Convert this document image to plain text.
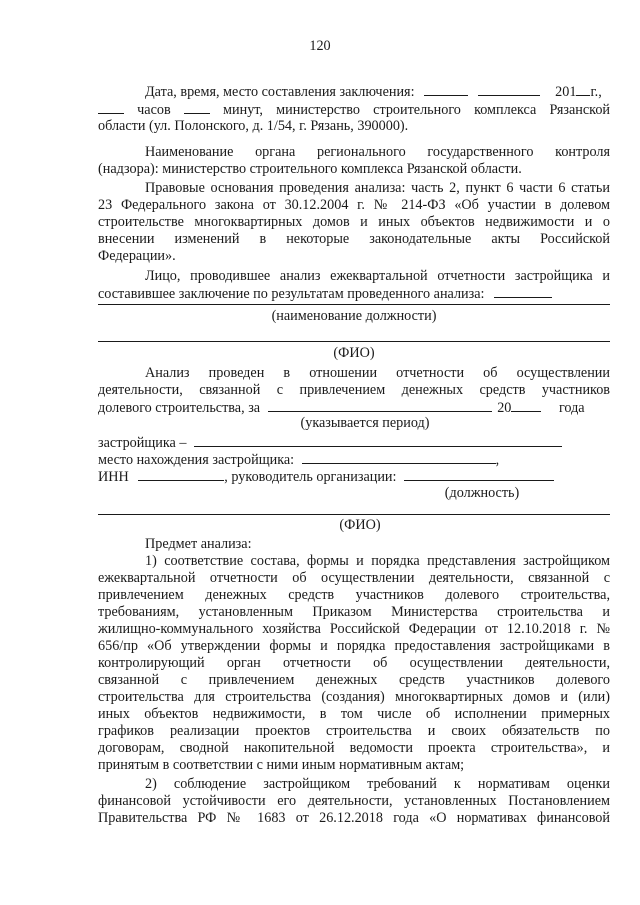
120
Дата, время, место составления заключения:	201 г.,
часов	минут, министерство строительного комплекса Рязанской
области (ул. Полонского, д. 1/54, г. Рязань, 390000).
Наименование органа регионального государственного контроля
(надзора): министерство строительного комплекса Рязанской области.
Правовые основания проведения анализа: часть 2, пункт 6 части 6 статьи
23 Федерального закона от 30.12.2004 г. № 214-ФЗ «Об участии в долевом
строительстве многоквартирных домов и иных объектов недвижимости и о
внесении изменений в некоторые законодательные акты Российской
Федерации».
Лицо, проводившее анализ ежеквартальной отчетности застройщика и
составившее заключение по результатам проведенного анализа:
(наименование должности)
(ФИО)
Анализ проведен в отношении отчетности об осуществлении
деятельности, связанной с привлечением денежных средств участников
долевого строительства, за	20	года
(указывается период)
застройщика –
место нахождения застройщика:	,
ИНН	, руководитель организации:
(должность)
(ФИО)
Предмет анализа:
1) соответствие состава, формы и порядка представления застройщиком
ежеквартальной отчетности об осуществлении деятельности, связанной с
привлечением денежных средств участников долевого строительства,
требованиям, установленным Приказом Министерства строительства и
жилищно-коммунального хозяйства Российской Федерации от 12.10.2018 г. №
656/пр «Об утверждении формы и порядка предоставления застройщиками в
контролирующий орган отчетности об осуществлении деятельности,
связанной с привлечением денежных средств участников долевого
строительства для строительства (создания) многоквартирных домов и (или)
иных объектов недвижимости, в том числе об исполнении примерных
графиков реализации проектов строительства и своих обязательств по
договорам, сводной накопительной ведомости проекта строительства», и
принятым в соответствии с ними иным нормативным актам;
2) соблюдение застройщиком требований к нормативам оценки
финансовой устойчивости его деятельности, установленных Постановлением
Правительства РФ № 1683 от 26.12.2018 года «О нормативах финансовой
